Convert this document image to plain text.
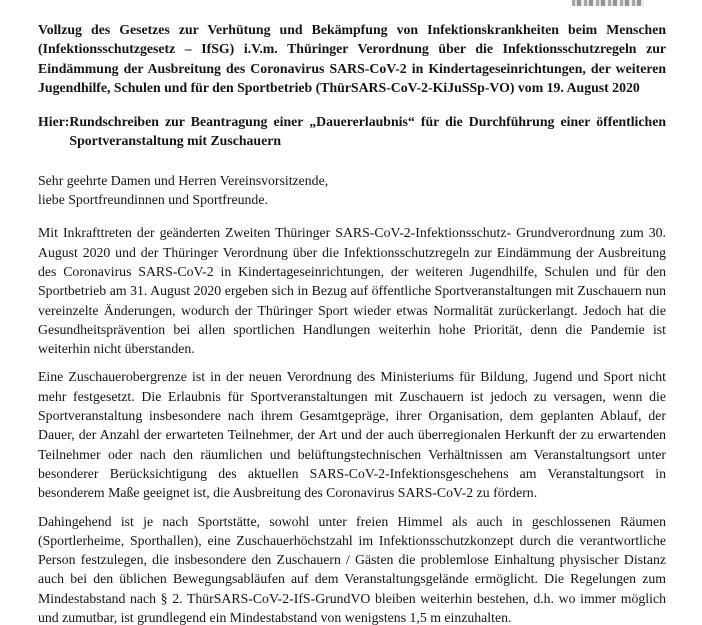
Vollzug des Gesetzes zur Verhütung und Bekämpfung von Infektionskrankheiten beim Menschen (Infektionsschutzgesetz – IfSG) i.V.m. Thüringer Verordnung über die Infektionsschutzregeln zur Eindämmung der Ausbreitung des Coronavirus SARS-CoV-2 in Kindertageseinrichtungen, der weiteren Jugendhilfe, Schulen und für den Sportbetrieb (ThürSARS-CoV-2-KiJuSSp-VO) vom 19. August 2020
Hier: Rundschreiben zur Beantragung einer „Dauererlaubnis“ für die Durchführung einer öffentlichen Sportveranstaltung mit Zuschauern
Sehr geehrte Damen und Herren Vereinsvorsitzende,
liebe Sportfreundinnen und Sportfreunde.
Mit Inkrafttreten der geänderten Zweiten Thüringer SARS-CoV-2-Infektionsschutz- Grundverordnung zum 30. August 2020 und der Thüringer Verordnung über die Infektionsschutzregeln zur Eindämmung der Ausbreitung des Coronavirus SARS-CoV-2 in Kindertageseinrichtungen, der weiteren Jugendhilfe, Schulen und für den Sportbetrieb am 31. August 2020 ergeben sich in Bezug auf öffentliche Sportveranstaltungen mit Zuschauern nun vereinzelte Änderungen, wodurch der Thüringer Sport wieder etwas Normalität zurückerlangt. Jedoch hat die Gesundheitsprävention bei allen sportlichen Handlungen weiterhin hohe Priorität, denn die Pandemie ist weiterhin nicht überstanden.
Eine Zuschauerobergrenze ist in der neuen Verordnung des Ministeriums für Bildung, Jugend und Sport nicht mehr festgesetzt. Die Erlaubnis für Sportveranstaltungen mit Zuschauern ist jedoch zu versagen, wenn die Sportveranstaltung insbesondere nach ihrem Gesamtgepräge, ihrer Organisation, dem geplanten Ablauf, der Dauer, der Anzahl der erwarteten Teilnehmer, der Art und der auch überregionalen Herkunft der zu erwartenden Teilnehmer oder nach den räumlichen und belüftungstechnischen Verhältnissen am Veranstaltungsort unter besonderer Berücksichtigung des aktuellen SARS-CoV-2-Infektionsgeschehens am Veranstaltungsort in besonderem Maße geeignet ist, die Ausbreitung des Coronavirus SARS-CoV-2 zu fördern.
Dahingehend ist je nach Sportstätte, sowohl unter freien Himmel als auch in geschlossenen Räumen (Sportlerheime, Sporthallen), eine Zuschauerhöchstzahl im Infektionsschutzkonzept durch die verantwortliche Person festzulegen, die insbesondere den Zuschauern / Gästen die problemlose Einhaltung physischer Distanz auch bei den üblichen Bewegungsabläufen auf dem Veranstaltungsgelände ermöglicht. Die Regelungen zum Mindestabstand nach § 2. ThürSARS-CoV-2-IfS-GrundVO bleiben weiterhin bestehen, d.h. wo immer möglich und zumutbar, ist grundlegend ein Mindestabstand von wenigstens 1,5 m einzuhalten.
